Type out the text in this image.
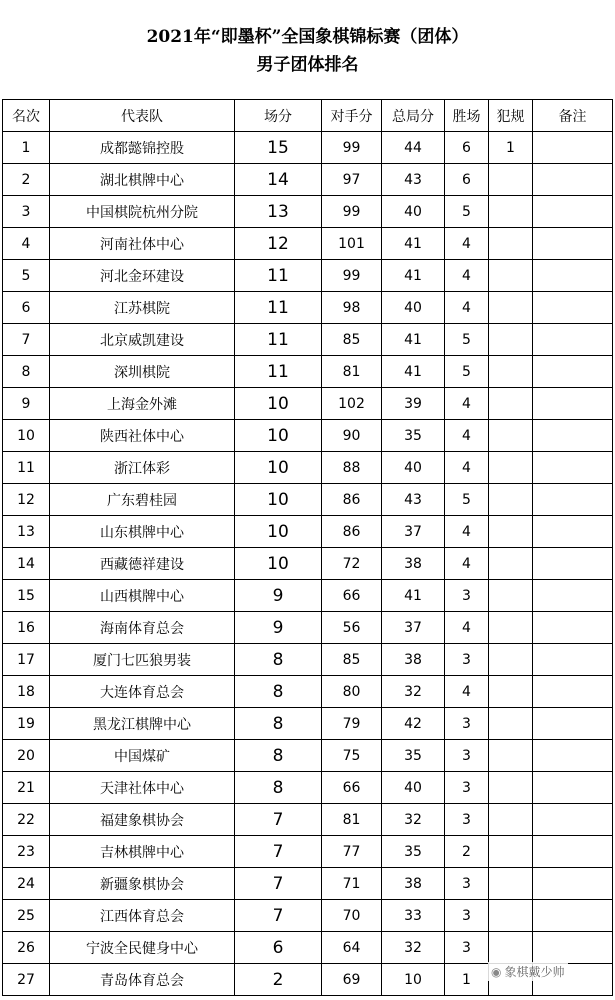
2021年“即墨杯”全国象棋锦标赛（团体）
男子团体排名
名次	代表队	场分	对手分	总局分	胜场	犯规	备注
1	成都懿锦控股	15	99	44	6	1	
2	湖北棋牌中心	14	97	43	6		
3	中国棋院杭州分院	13	99	40	5		
4	河南社体中心	12	101	41	4		
5	河北金环建设	11	99	41	4		
6	江苏棋院	11	98	40	4		
7	北京威凯建设	11	85	41	5		
8	深圳棋院	11	81	41	5		
9	上海金外滩	10	102	39	4		
10	陕西社体中心	10	90	35	4		
11	浙江体彩	10	88	40	4		
12	广东碧桂园	10	86	43	5		
13	山东棋牌中心	10	86	37	4		
14	西藏德祥建设	10	72	38	4		
15	山西棋牌中心	9	66	41	3		
16	海南体育总会	9	56	37	4		
17	厦门七匹狼男装	8	85	38	3		
18	大连体育总会	8	80	32	4		
19	黑龙江棋牌中心	8	79	42	3		
20	中国煤矿	8	75	35	3		
21	天津社体中心	8	66	40	3		
22	福建象棋协会	7	81	32	3		
23	吉林棋牌中心	7	77	35	2		
24	新疆象棋协会	7	71	38	3		
25	江西体育总会	7	70	33	3		
26	宁波全民健身中心	6	64	32	3		
27	青岛体育总会	2	69	10	1		◉ 象棋戴少帅
